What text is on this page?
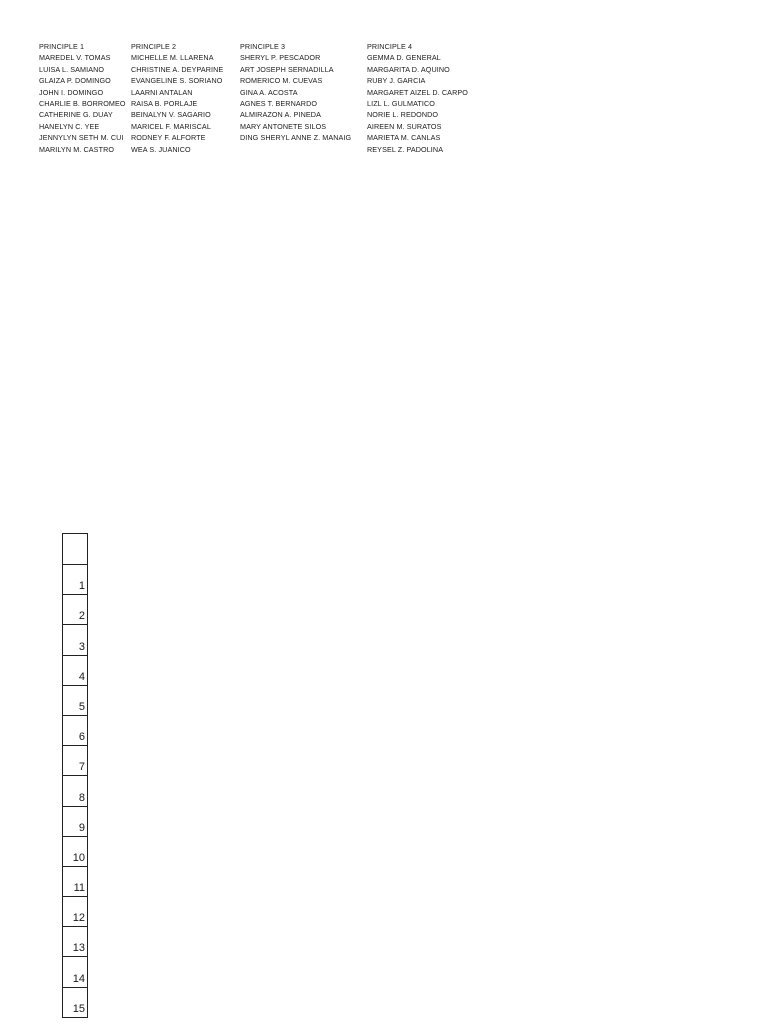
PRINCIPLE 1
MAREDEL V. TOMAS
LUISA L. SAMIANO
GLAIZA P. DOMINGO
JOHN I. DOMINGO
CHARLIE B. BORROMEO
CATHERINE G. DUAY
HANELYN C. YEE
JENNYLYN SETH M. CUI
MARILYN M. CASTRO
PRINCIPLE 2
MICHELLE M. LLARENA
CHRISTINE A. DEYPARINE
EVANGELINE S. SORIANO
LAARNI ANTALAN
RAISA B. PORLAJE
BEINALYN V. SAGARIO
MARICEL F. MARISCAL
RODNEY F. ALFORTE
WEA S. JUANICO
PRINCIPLE 3
SHERYL P. PESCADOR
ART JOSEPH SERNADILLA
ROMERICO M. CUEVAS
GINA A. ACOSTA
AGNES T. BERNARDO
ALMIRAZON A. PINEDA
MARY ANTONETE SILOS
DING SHERYL ANNE Z. MANAIG
PRINCIPLE 4
GEMMA D. GENERAL
MARGARITA D. AQUINO
RUBY J. GARCIA
MARGARET AIZEL D. CARPO
LIZL L. GULMATICO
NORIE L. REDONDO
AIREEN M. SURATOS
MARIETA M. CANLAS
REYSEL Z. PADOLINA
1
2
3
4
5
6
7
8
9
10
11
12
13
14
15
